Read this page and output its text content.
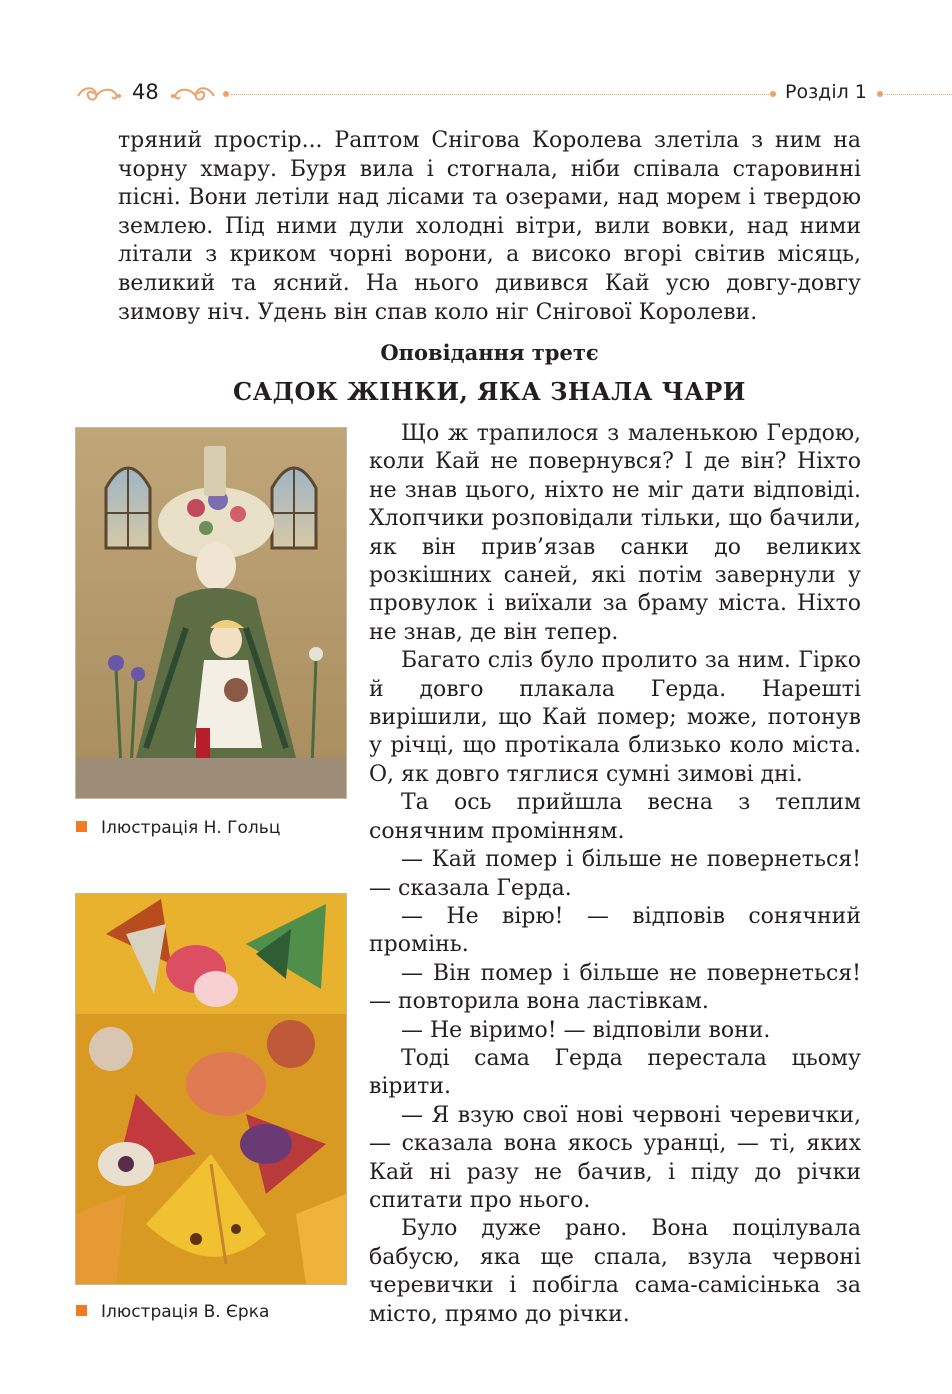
48	Розділ 1

тряний простір... Раптом Снігова Королева злетіла з ним на чорну хмару. Буря вила і стогнала, ніби співала старовинні пісні. Вони летіли над лісами та озерами, над морем і твердою землею. Під ними дули холодні вітри, вили вовки, над ними літали з криком чорні ворони, а високо вгорі світив місяць, великий та ясний. На нього дивився Кай усю довгу-довгу зимову ніч. Удень він спав коло ніг Снігової Королеви.

Оповідання третє
САДОК ЖІНКИ, ЯКА ЗНАЛА ЧАРИ
Ілюстрація Н. Гольц
Ілюстрація В. Єрка

Що ж трапилося з маленькою Гердою, коли Кай не повернувся? І де він? Ніхто не знав цього, ніхто не міг дати відповіді. Хлопчики розповідали тільки, що бачили, як він прив’язав санки до великих розкішних саней, які потім завернули у провулок і виїхали за браму міста. Ніхто не знав, де він тепер.

Багато сліз було пролито за ним. Гірко й довго плакала Герда. Нарешті вирішили, що Кай помер; може, потонув у річці, що протікала близько коло міста. О, як довго тяглися сумні зимові дні.

Та ось прийшла весна з теплим сонячним промінням.

— Кай помер і більше не повернеться! — сказала Герда.

— Не вірю! — відповів сонячний промінь.

— Він помер і більше не повернеться! — повторила вона ластівкам.

— Не віримо! — відповіли вони.

Тоді сама Герда перестала цьому вірити.

— Я взую свої нові червоні черевички, — сказала вона якось уранці, — ті, яких Кай ні разу не бачив, і піду до річки спитати про нього.

Було дуже рано. Вона поцілувала бабусю, яка ще спала, взула червоні черевички і побігла сама-самісінька за місто, прямо до річки.
